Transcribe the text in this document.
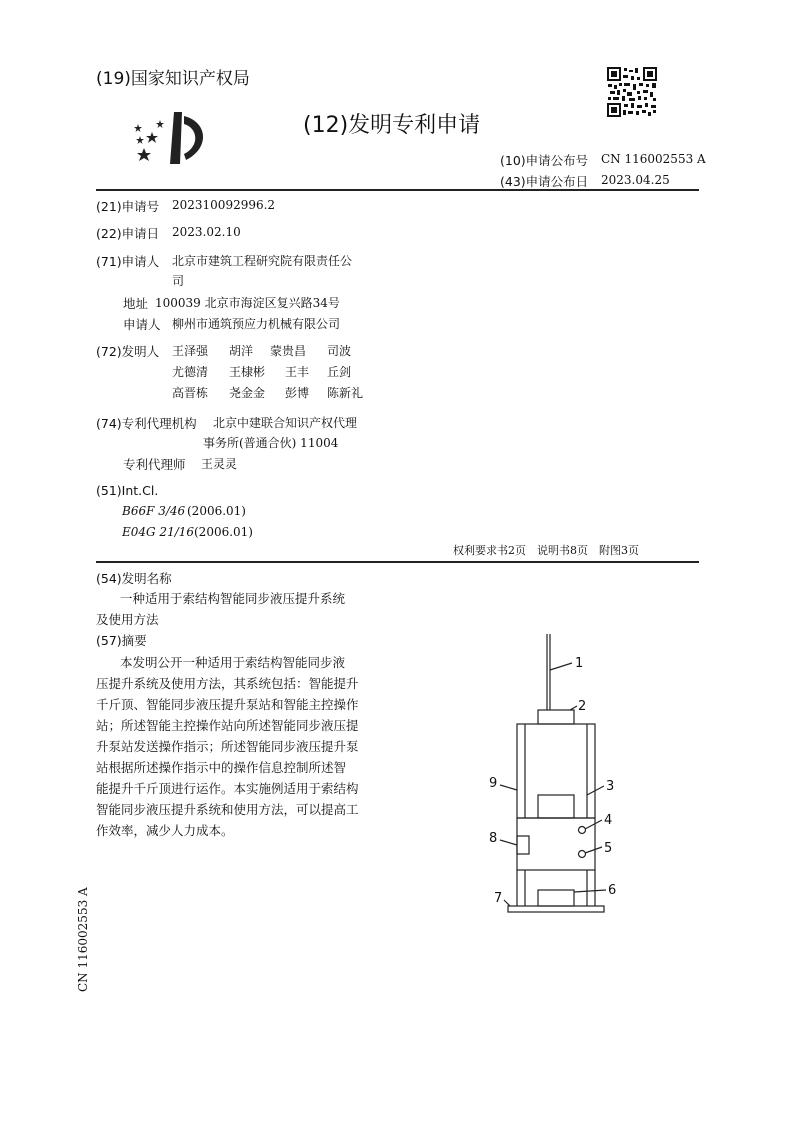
(19)国家知识产权局
(12)发明专利申请
(10)申请公布号 CN 116002553 A
(43)申请公布日 2023.04.25
(21)申请号 202310092996.2
(22)申请日 2023.02.10
(71)申请人 北京市建筑工程研究院有限责任公
司
地址 100039 北京市海淀区复兴路34号
申请人 柳州市通筑预应力机械有限公司
(72)发明人 王泽强 胡洋 蒙贵昌 司波
尤德清 王棣彬 王丰 丘剑
高晋栋 尧金金 彭博 陈新礼
(74)专利代理机构 北京中建联合知识产权代理
事务所(普通合伙) 11004
专利代理师 王灵灵
(51)Int.Cl.
B66F 3/46 (2006.01)
E04G 21/16 (2006.01)
权利要求书2页　说明书8页　附图3页
(54)发明名称
一种适用于索结构智能同步液压提升系统
及使用方法
(57)摘要
本发明公开一种适用于索结构智能同步液
压提升系统及使用方法，其系统包括：智能提升
千斤顶、智能同步液压提升泵站和智能主控操作
站；所述智能主控操作站向所述智能同步液压提
升泵站发送操作指示；所述智能同步液压提升泵
站根据所述操作指示中的操作信息控制所述智
能提升千斤顶进行运作。本实施例适用于索结构
智能同步液压提升系统和使用方法，可以提高工
作效率，减少人力成本。
1
2
3
4
5
6
7
8
9
CN 116002553 A
